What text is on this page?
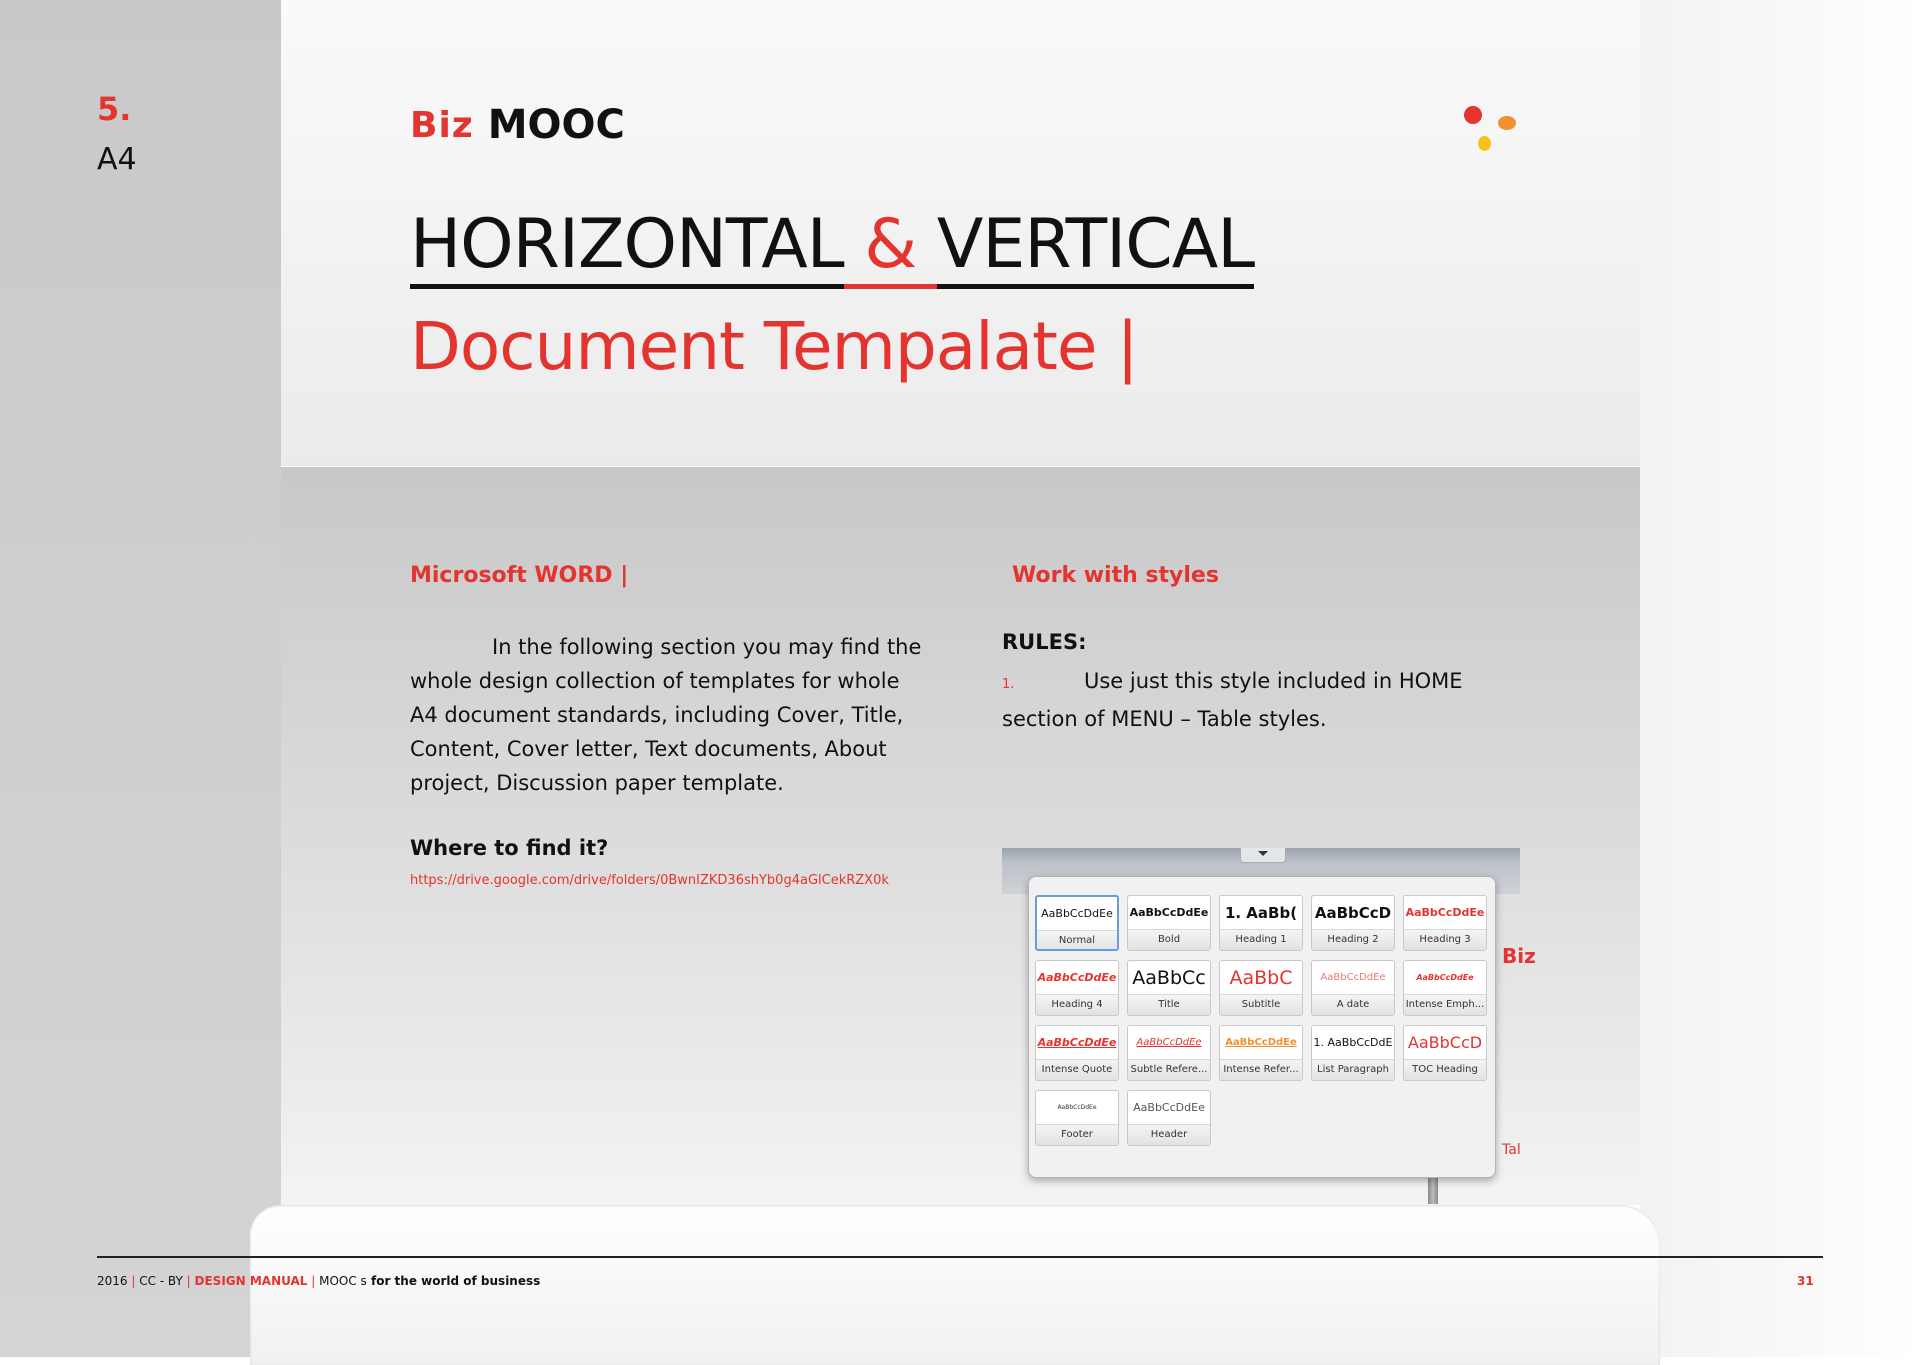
5.
A4
Biz MOOC
HORIZONTAL & VERTICAL
Document Tempalate |
Microsoft WORD |	Work with styles
In the following section you may find the whole design collection of templates for whole A4 document standards, including Cover, Title, Content, Cover letter, Text documents, About project, Discussion paper template.
Where to find it?
https://drive.google.com/drive/folders/0BwnIZKD36shYb0g4aGlCekRZX0k
RULES:
1.	Use just this style included in HOME section of MENU – Table styles.
Biz
Tal
AaBbCcDdEe
Normal
AaBbCcDdEe
Bold
1. AaBb(
Heading 1
AaBbCcD
Heading 2
AaBbCcDdEe
Heading 3
AaBbCcDdEe
Heading 4
AaBbCc
Title
AaBbC
Subtitle
AaBbCcDdEe
A date
AaBbCcDdEe
Intense Emph...
AaBbCcDdEe
Intense Quote
AaBbCcDdEe
Subtle Refere...
AaBbCcDdEe
Intense Refer...
1. AaBbCcDdE
List Paragraph
AaBbCcD
TOC Heading
AaBbCcDdEe
Footer
AaBbCcDdEe
Header
2016 | CC - BY | DESIGN MANUAL | MOOC s for the world of business	31
